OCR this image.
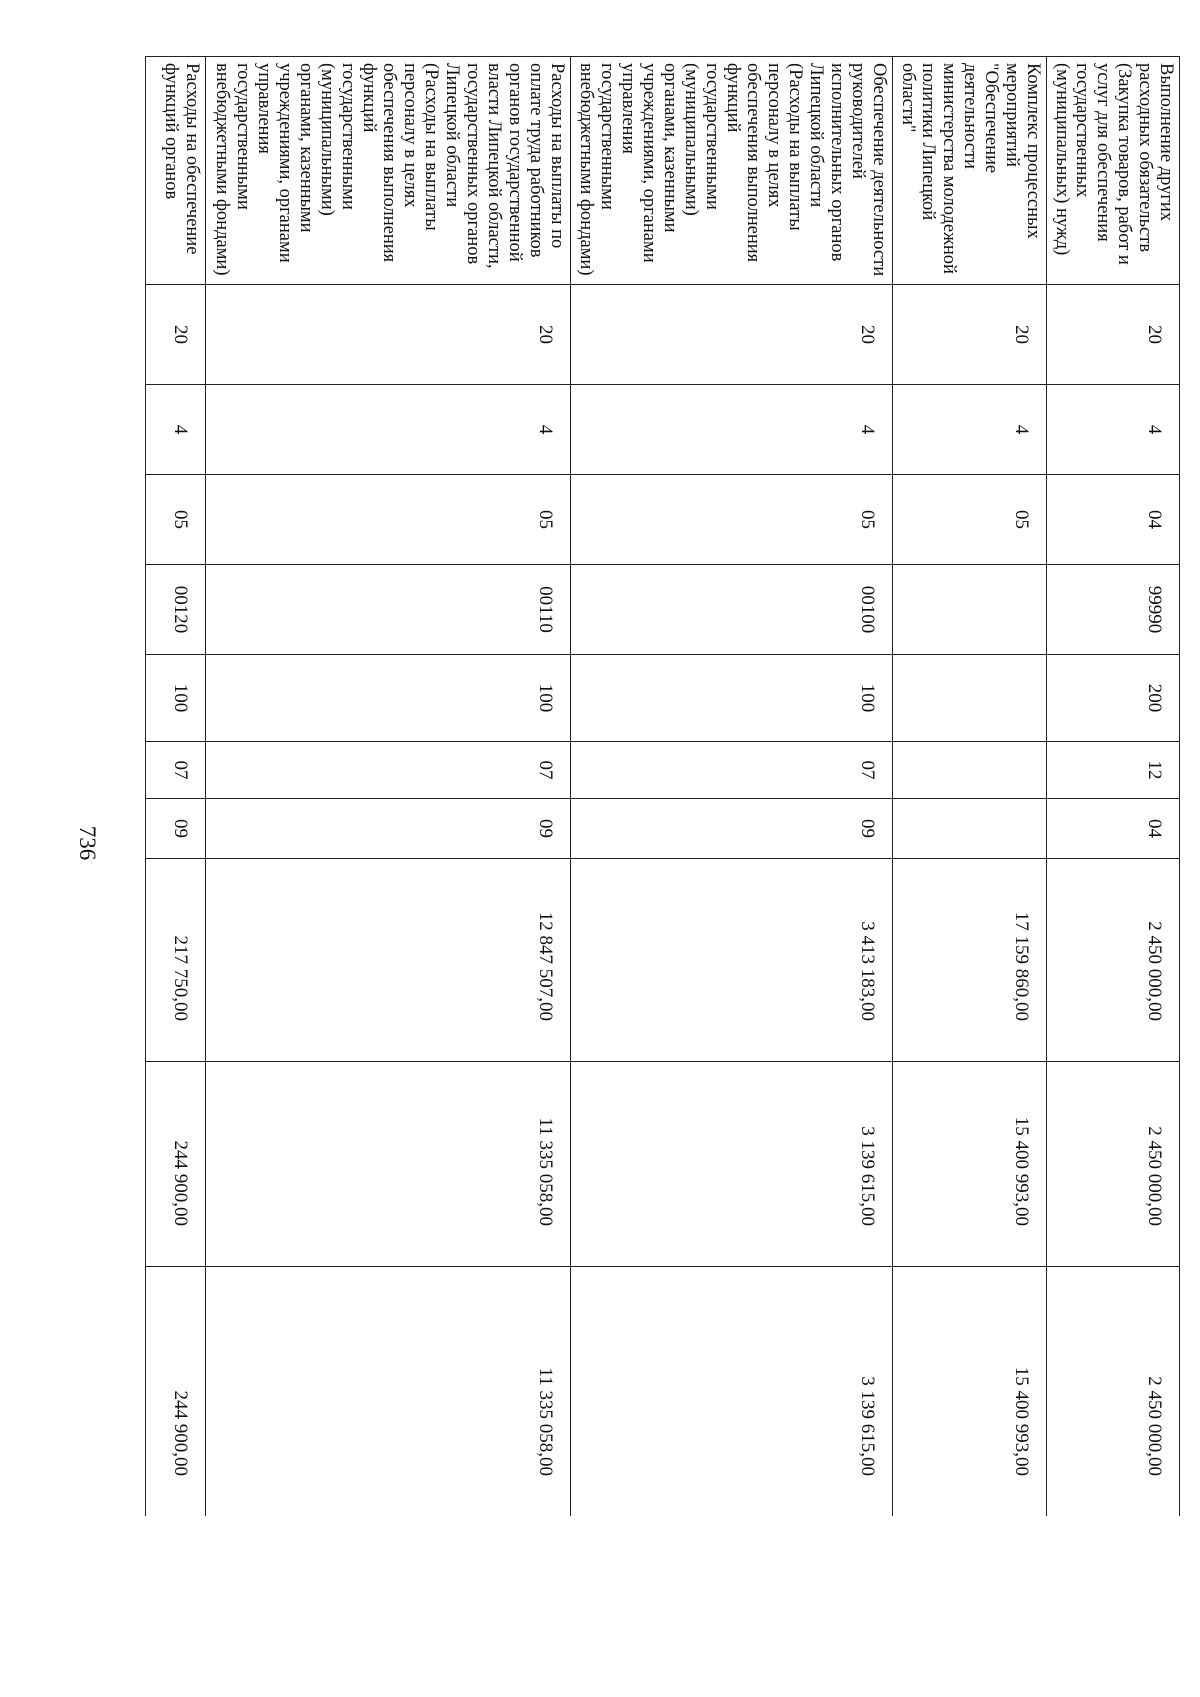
736
Выполнение других расходных обязательств (Закупка товаров, работ и услуг для обеспечения государственных (муниципальных) нужд)	20	4	04	99990	200	12	04	2 450 000,00	2 450 000,00	2 450 000,00
Комплекс процессных мероприятий "Обеспечение деятельности министерства молодежной политики Липецкой области"	20	4	05					17 159 860,00	15 400 993,00	15 400 993,00
Обеспечение деятельности руководителей исполнительных органов Липецкой области (Расходы на выплаты персоналу в целях обеспечения выполнения функций государственными (муниципальными) органами, казенными учреждениями, органами управления государственными внебюджетными фондами)	20	4	05	00100	100	07	09	3 413 183,00	3 139 615,00	3 139 615,00
Расходы на выплаты по оплате труда работников органов государственной власти Липецкой области, государственных органов Липецкой области (Расходы на выплаты персоналу в целях обеспечения выполнения функций государственными (муниципальными) органами, казенными учреждениями, органами управления государственными внебюджетными фондами)	20	4	05	00110	100	07	09	12 847 507,00	11 335 058,00	11 335 058,00
Расходы на обеспечение функций органов	20	4	05	00120	100	07	09	217 750,00	244 900,00	244 900,00
